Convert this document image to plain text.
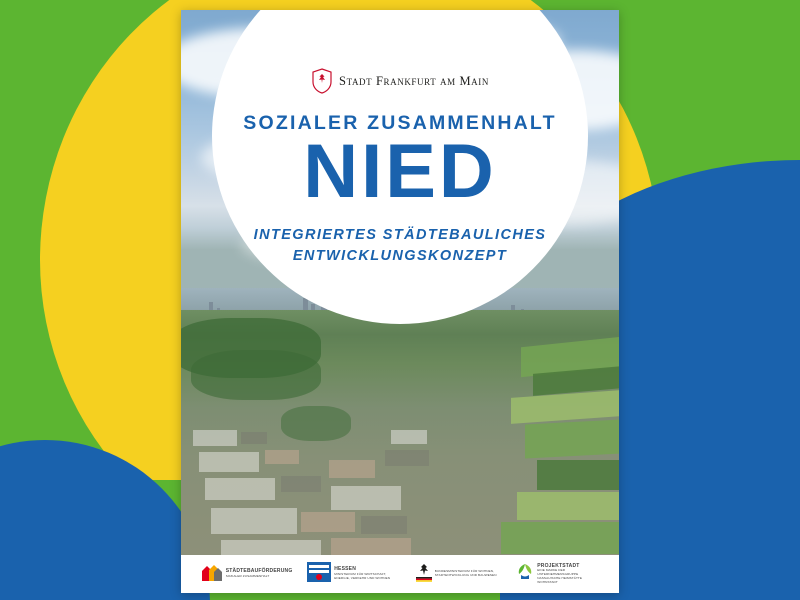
Stadt Frankfurt am Main
SOZIALER ZUSAMMENHALT
NIED
INTEGRIERTES STÄDTEBAULICHES
ENTWICKLUNGSKONZEPT
STÄDTEBAUFÖRDERUNG
SOZIALER ZUSAMMENHALT
HESSEN
MINISTERIUM FÜR WIRTSCHAFT, ENERGIE, VERKEHR UND WOHNEN
BUNDESMINISTERIUM FÜR WOHNEN, STADTENTWICKLUNG UND BAUWESEN
PROJEKTSTADT
EINE MARKE DER UNTERNEHMENSGRUPPE NASSAUISCHE HEIMSTÄTTE WOHNSTADT
